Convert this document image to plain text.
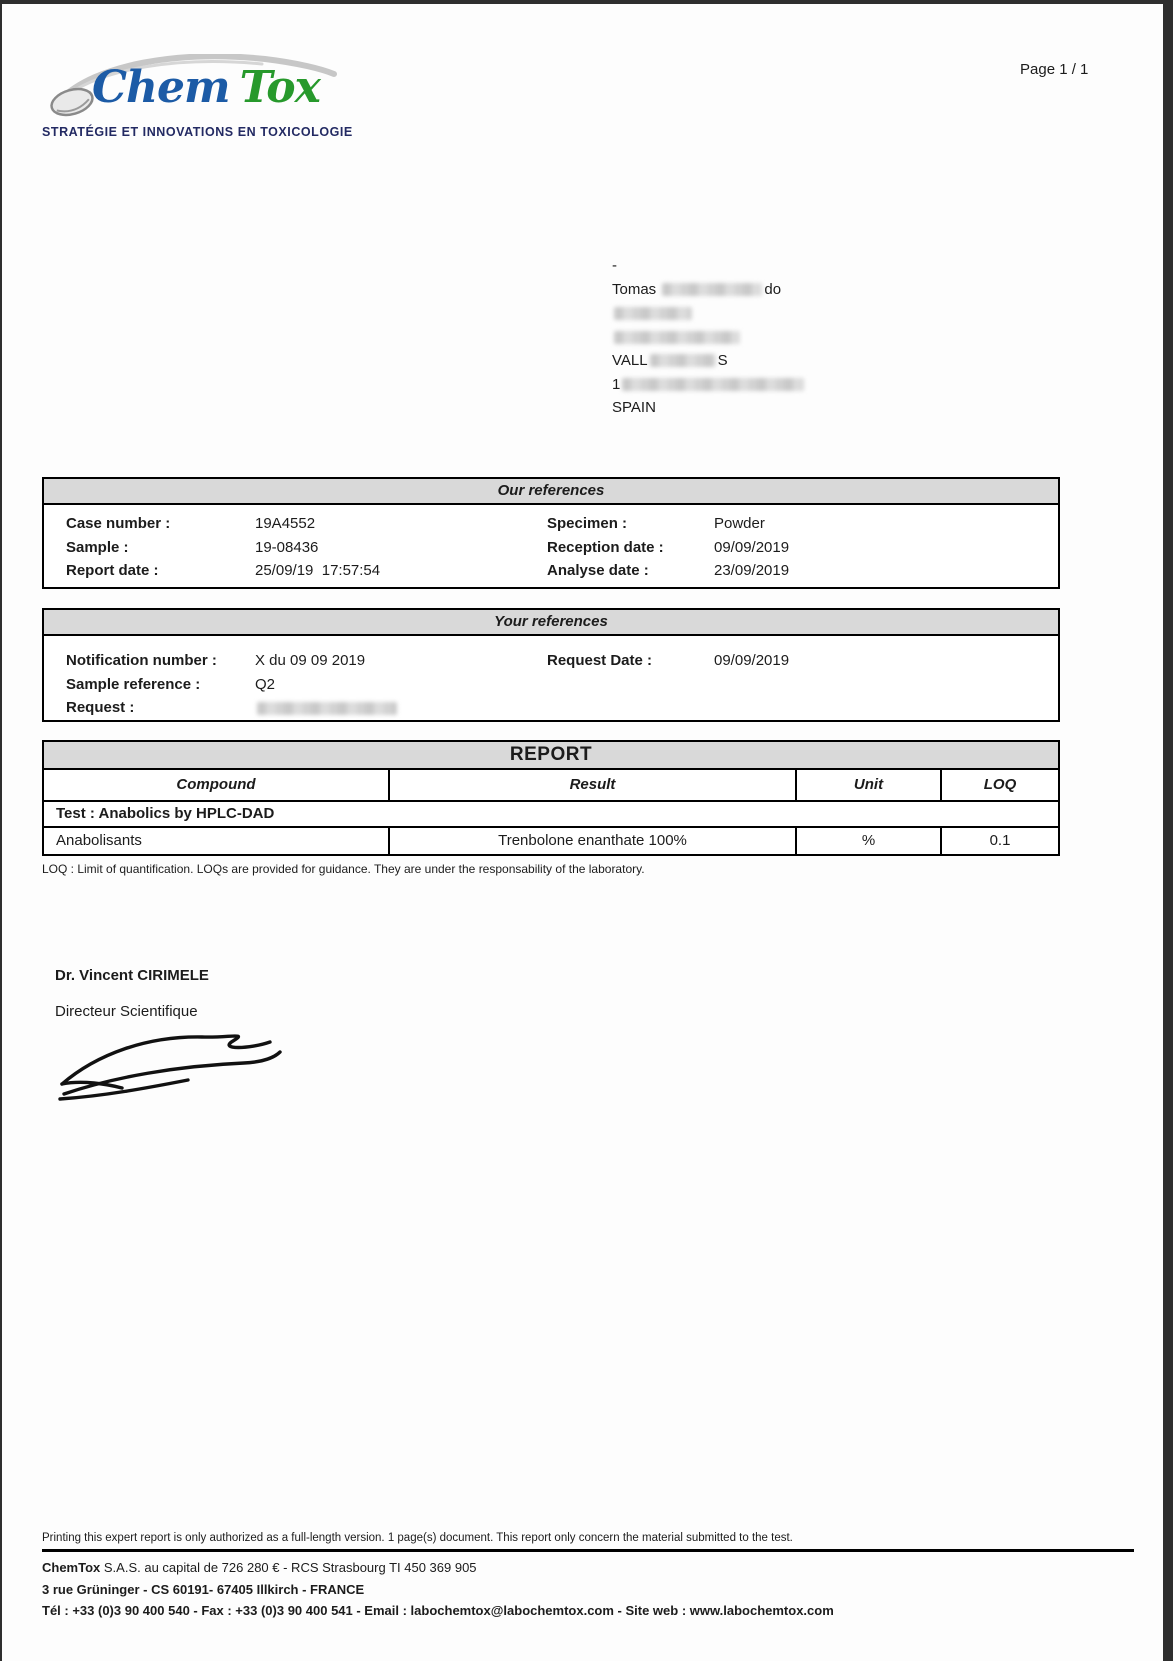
Chem Tox
STRATÉGIE ET INNOVATIONS EN TOXICOLOGIE
Page 1 / 1
-
Tomas	do
VALL	S
1
SPAIN
Our references
Case number :	19A4552	Specimen :	Powder
Sample :	19-08436	Reception date :	09/09/2019
Report date :	25/09/19  17:57:54	Analyse date :	23/09/2019
Your references
Notification number :	X du 09 09 2019	Request Date :	09/09/2019
Sample reference :	Q2
Request :
REPORT
Compound	Result	Unit	LOQ
Test : Anabolics by HPLC-DAD
Anabolisants	Trenbolone enanthate 100%	%	0.1
LOQ : Limit of quantification. LOQs are provided for guidance. They are under the responsability of the laboratory.
Dr. Vincent CIRIMELE
Directeur Scientifique
Printing this expert report is only authorized as a full-length version. 1 page(s) document. This report only concern the material submitted to the test.
ChemTox S.A.S. au capital de 726 280 € - RCS Strasbourg TI 450 369 905
3 rue Grüninger - CS 60191- 67405 Illkirch - FRANCE
Tél : +33 (0)3 90 400 540 - Fax : +33 (0)3 90 400 541 - Email : labochemtox@labochemtox.com - Site web : www.labochemtox.com
